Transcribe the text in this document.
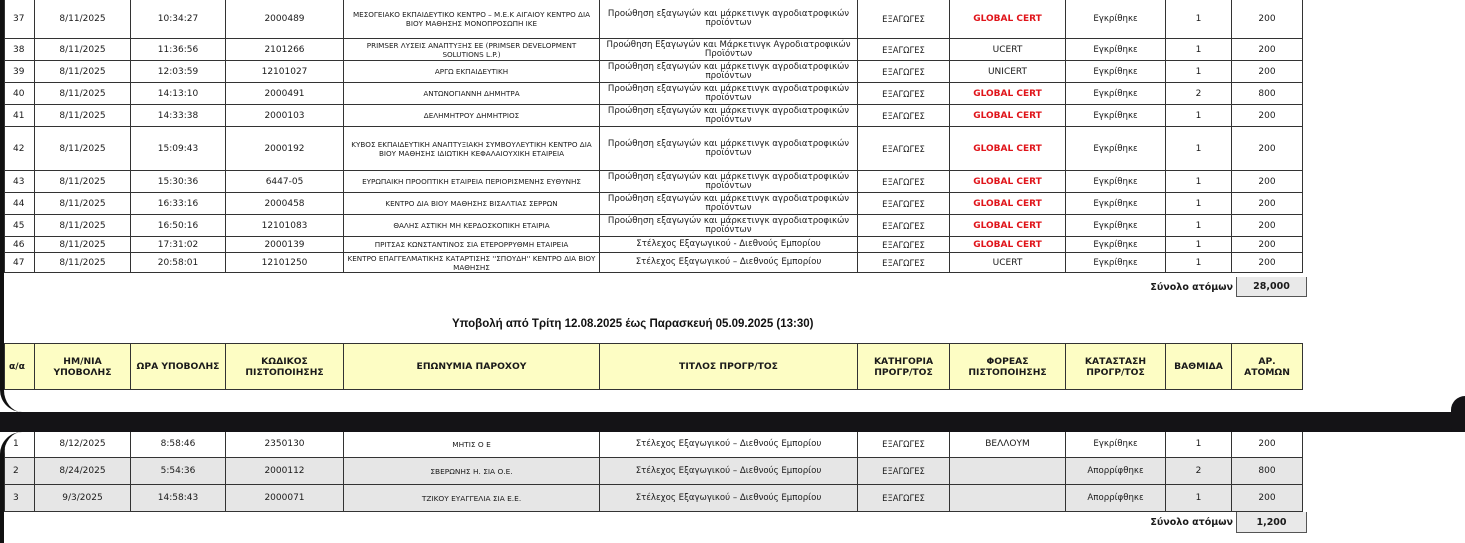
37	8/11/2025	10:34:27	2000489	ΜΕΣΟΓΕΙΑΚΟ ΕΚΠΑΙΔΕΥΤΙΚΟ ΚΕΝΤΡΟ – Μ.Ε.Κ ΑΙΓΑΙΟΥ ΚΕΝΤΡΟ ΔΙΑ ΒΙΟΥ ΜΑΘΗΣΗΣ ΜΟΝΟΠΡΟΣΩΠΗ ΙΚΕ	Προώθηση εξαγωγών και μάρκετινγκ αγροδιατροφικών προϊόντων	ΕΞΑΓΩΓΕΣ	GLOBAL CERT	Εγκρίθηκε	1	200
38	8/11/2025	11:36:56	2101266	PRIMSER ΛΥΣΕΙΣ ΑΝΑΠΤΥΞΗΣ ΕΕ (PRIMSER DEVELOPMENT SOLUTIONS L.P.)	Προώθηση Εξαγωγών και Μάρκετινγκ Αγροδιατροφικών Προϊόντων	ΕΞΑΓΩΓΕΣ	UCERT	Εγκρίθηκε	1	200
39	8/11/2025	12:03:59	12101027	ΑΡΓΩ ΕΚΠΑΙΔΕΥΤΙΚΗ	Προώθηση εξαγωγών και μάρκετινγκ αγροδιατροφικών προϊόντων	ΕΞΑΓΩΓΕΣ	UNICERT	Εγκρίθηκε	1	200
40	8/11/2025	14:13:10	2000491	ΑΝΤΩΝΟΓΙΑΝΝΗ ΔΗΜΗΤΡΑ	Προώθηση εξαγωγών και μάρκετινγκ αγροδιατροφικών προϊόντων	ΕΞΑΓΩΓΕΣ	GLOBAL CERT	Εγκρίθηκε	2	800
41	8/11/2025	14:33:38	2000103	ΔΕΛΗΜΗΤΡΟΥ ΔΗΜΗΤΡΙΟΣ	Προώθηση εξαγωγών και μάρκετινγκ αγροδιατροφικών προϊόντων	ΕΞΑΓΩΓΕΣ	GLOBAL CERT	Εγκρίθηκε	1	200
42	8/11/2025	15:09:43	2000192	ΚΥΒΟΣ ΕΚΠΑΙΔΕΥΤΙΚΗ ΑΝΑΠΤΥΞΙΑΚΗ ΣΥΜΒΟΥΛΕΥΤΙΚΗ ΚΕΝΤΡΟ ΔΙΑ ΒΙΟΥ ΜΑΘΗΣΗΣ ΙΔΙΩΤΙΚΗ ΚΕΦΑΛΑΙΟΥΧΙΚΗ ΕΤΑΙΡΕΙΑ	Προώθηση εξαγωγών και μάρκετινγκ αγροδιατροφικών προϊόντων	ΕΞΑΓΩΓΕΣ	GLOBAL CERT	Εγκρίθηκε	1	200
43	8/11/2025	15:30:36	6447-05	ΕΥΡΩΠΑΙΚΗ ΠΡΟΟΠΤΙΚΗ ΕΤΑΙΡΕΙΑ ΠΕΡΙΟΡΙΣΜΕΝΗΣ ΕΥΘΥΝΗΣ	Προώθηση εξαγωγών και μάρκετινγκ αγροδιατροφικών προϊόντων	ΕΞΑΓΩΓΕΣ	GLOBAL CERT	Εγκρίθηκε	1	200
44	8/11/2025	16:33:16	2000458	ΚΕΝΤΡΟ ΔΙΑ ΒΙΟΥ ΜΑΘΗΣΗΣ ΒΙΣΑΛΤΙΑΣ ΣΕΡΡΩΝ	Προώθηση εξαγωγών και μάρκετινγκ αγροδιατροφικών προϊόντων	ΕΞΑΓΩΓΕΣ	GLOBAL CERT	Εγκρίθηκε	1	200
45	8/11/2025	16:50:16	12101083	ΘΑΛΗΣ ΑΣΤΙΚΗ ΜΗ ΚΕΡΔΟΣΚΟΠΙΚΗ ΕΤΑΙΡΙΑ	Προώθηση εξαγωγών και μάρκετινγκ αγροδιατροφικών προϊόντων	ΕΞΑΓΩΓΕΣ	GLOBAL CERT	Εγκρίθηκε	1	200
46	8/11/2025	17:31:02	2000139	ΠΡΙΤΣΑΣ ΚΩΝΣΤΑΝΤΙΝΟΣ ΣΙΑ ΕΤΕΡΟΡΡΥΘΜΗ ΕΤΑΙΡΕΙΑ	Στέλεχος Εξαγωγικού - Διεθνούς Εμπορίου	ΕΞΑΓΩΓΕΣ	GLOBAL CERT	Εγκρίθηκε	1	200
47	8/11/2025	20:58:01	12101250	ΚΕΝΤΡΟ ΕΠΑΓΓΕΛΜΑΤΙΚΗΣ ΚΑΤΑΡΤΙΣΗΣ ''ΣΠΟΥΔΗ'' ΚΕΝΤΡΟ ΔΙΑ ΒΙΟΥ ΜΑΘΗΣΗΣ	Στέλεχος Εξαγωγικού – Διεθνούς Εμπορίου	ΕΞΑΓΩΓΕΣ	UCERT	Εγκρίθηκε	1	200
Σύνολο ατόμων	28,000
Υποβολή από Τρίτη 12.08.2025 έως Παρασκευή 05.09.2025 (13:30)
α/α	ΗΜ/ΝΙΑ ΥΠΟΒΟΛΗΣ	ΩΡΑ ΥΠΟΒΟΛΗΣ	ΚΩΔΙΚΟΣ ΠΙΣΤΟΠΟΙΗΣΗΣ	ΕΠΩΝΥΜΙΑ ΠΑΡΟΧΟΥ	ΤΙΤΛΟΣ ΠΡΟΓΡ/ΤΟΣ	ΚΑΤΗΓΟΡΙΑ ΠΡΟΓΡ/ΤΟΣ	ΦΟΡΕΑΣ ΠΙΣΤΟΠΟΙΗΣΗΣ	ΚΑΤΑΣΤΑΣΗ ΠΡΟΓΡ/ΤΟΣ	ΒΑΘΜΙΔΑ	ΑΡ. ΑΤΟΜΩΝ
1	8/12/2025	8:58:46	2350130	ΜΗΤΙΣ Ο Ε	Στέλεχος Εξαγωγικού – Διεθνούς Εμπορίου	ΕΞΑΓΩΓΕΣ	ΒΕΛΛΟΥΜ	Εγκρίθηκε	1	200
2	8/24/2025	5:54:36	2000112	ΣΒΕΡΩΝΗΣ Η. ΣΙΑ Ο.Ε.	Στέλεχος Εξαγωγικού – Διεθνούς Εμπορίου	ΕΞΑΓΩΓΕΣ		Απορρίφθηκε	2	800
3	9/3/2025	14:58:43	2000071	ΤΖΙΚΟΥ ΕΥΑΓΓΕΛΙΑ ΣΙΑ Ε.Ε.	Στέλεχος Εξαγωγικού – Διεθνούς Εμπορίου	ΕΞΑΓΩΓΕΣ		Απορρίφθηκε	1	200
Σύνολο ατόμων	1,200
